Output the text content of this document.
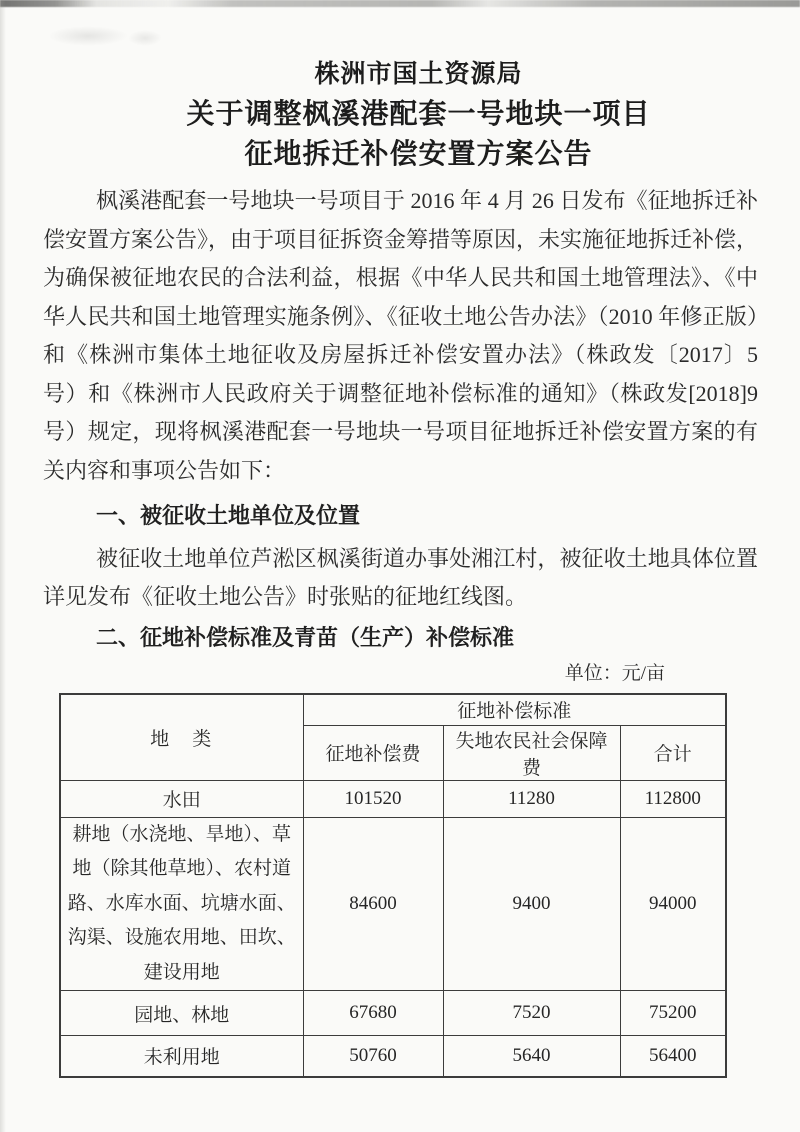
株洲市国土资源局
关于调整枫溪港配套一号地块一项目
征地拆迁补偿安置方案公告

枫溪港配套一号地块一号项目于 2016 年 4 月 26 日发布《征地拆迁补偿安置方案公告》，由于项目征拆资金筹措等原因，未实施征地拆迁补偿，为确保被征地农民的合法利益，根据《中华人民共和国土地管理法》、《中华人民共和国土地管理实施条例》、《征收土地公告办法》（2010 年修正版）和《株洲市集体土地征收及房屋拆迁补偿安置办法》（株政发〔2017〕5 号）和《株洲市人民政府关于调整征地补偿标准的通知》（株政发[2018]9 号）规定，现将枫溪港配套一号地块一号项目征地拆迁补偿安置方案的有关内容和事项公告如下：

一、被征收土地单位及位置

被征收土地单位芦淞区枫溪街道办事处湘江村，被征收土地具体位置详见发布《征收土地公告》时张贴的征地红线图。

二、征地补偿标准及青苗（生产）补偿标准
单位：元/亩
地　类	征地补偿标准		
	征地补偿费	失地农民社会保障费	合计
水田	101520	11280	112800
耕地（水浇地、旱地）、草地（除其他草地）、农村道路、水库水面、坑塘水面、沟渠、设施农用地、田坎、建设用地	84600	9400	94000
园地、林地	67680	7520	75200
未利用地	50760	5640	56400
